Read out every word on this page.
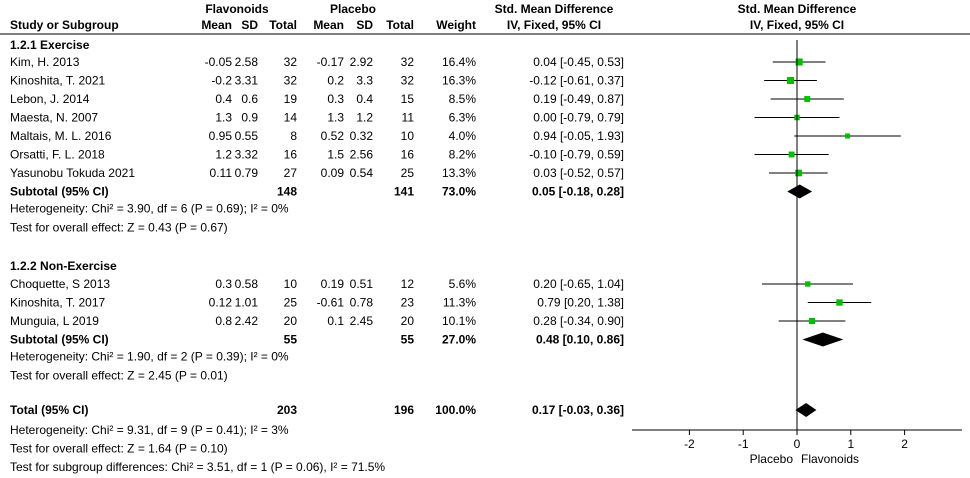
Flavonoids	Placebo	Std. Mean Difference	Std. Mean Difference
Study or Subgroup	Mean SD Total Mean SD Total Weight	IV, Fixed, 95% CI	IV, Fixed, 95% CI
1.2.1 Exercise
Kim, H. 2013	-0.05 2.58 32 -0.17 2.92 32 16.4%	0.04 [-0.45, 0.53]
Kinoshita, T. 2021	-0.2 3.31 32	0.2 3.3 32 16.3%	-0.12 [-0.61, 0.37]
Lebon, J. 2014	0.4 0.6 19	0.3 0.4 15	8.5%	0.19 [-0.49, 0.87]
Maesta, N. 2007	1.3 0.9 14	1.3 1.2 11	6.3%	0.00 [-0.79, 0.79]
Maltais, M. L. 2016	0.95 0.55	8 0.52 0.32 10	4.0%	0.94 [-0.05, 1.93]
Orsatti, F. L. 2018	1.2 3.32 16	1.5 2.56 16	8.2%	-0.10 [-0.79, 0.59]
Yasunobu Tokuda 2021	0.11 0.79 27 0.09 0.54 25 13.3%	0.03 [-0.52, 0.57]
Subtotal (95% CI)	148	141 73.0%	0.05 [-0.18, 0.28]
Heterogeneity: Chi² = 3.90, df = 6 (P = 0.69); I² = 0%
Test for overall effect: Z = 0.43 (P = 0.67)
1.2.2 Non-Exercise
Choquette, S 2013	0.3 0.58 10 0.19 0.51 12	5.6%	0.20 [-0.65, 1.04]
Kinoshita, T. 2017	0.12 1.01 25 -0.61 0.78 23 11.3%	0.79 [0.20, 1.38]
Munguia, L 2019	0.8 2.42 20	0.1 2.45 20 10.1%	0.28 [-0.34, 0.90]
Subtotal (95% CI)	55	55 27.0%	0.48 [0.10, 0.86]
Heterogeneity: Chi² = 1.90, df = 2 (P = 0.39); I² = 0%
Test for overall effect: Z = 2.45 (P = 0.01)
Total (95% CI)	203	196 100.0%	0.17 [-0.03, 0.36]
Heterogeneity: Chi² = 9.31, df = 9 (P = 0.41); I² = 3%
Test for overall effect: Z = 1.64 (P = 0.10)
Test for subgroup differences: Chi² = 3.51, df = 1 (P = 0.06), I² = 71.5%
-2	-1	0	1	2
Placebo Flavonoids
